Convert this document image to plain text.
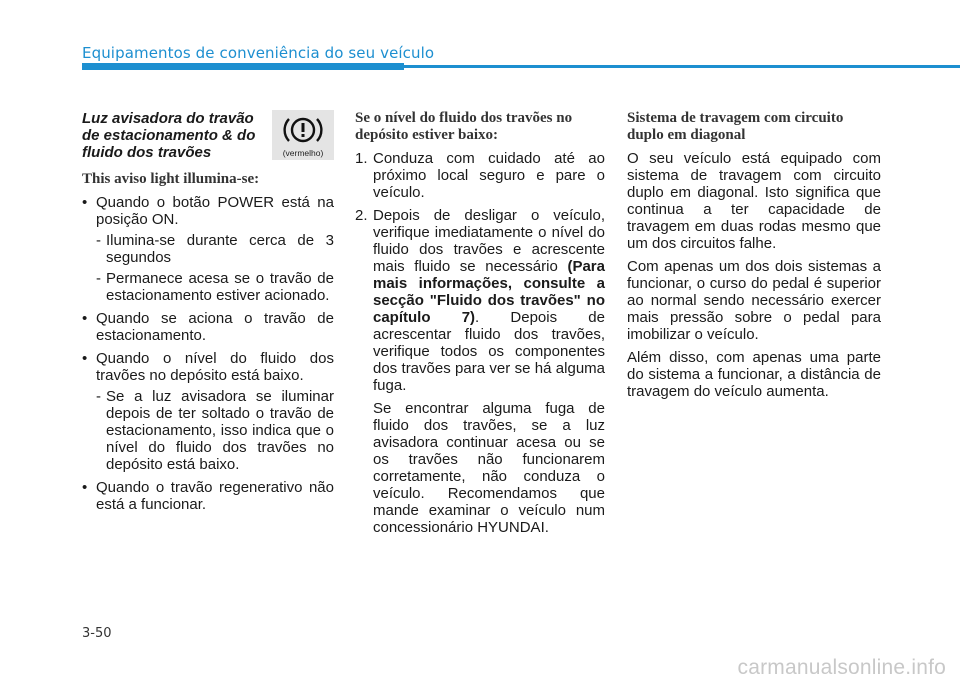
Equipamentos de conveniência do seu veículo
Luz avisadora do travão de estacionamento & do fluido dos travões	(vermelho)
This aviso light illumina-se:
• Quando o botão POWER está na posição ON.
- Ilumina-se durante cerca de 3 segundos
- Permanece acesa se o travão de estacionamento estiver acionado.
• Quando se aciona o travão de estacionamento.
• Quando o nível do fluido dos travões no depósito está baixo.
- Se a luz avisadora se iluminar depois de ter soltado o travão de estacionamento, isso indica que o nível do fluido dos travões no depósito está baixo.
• Quando o travão regenerativo não está a funcionar.
Se o nível do fluido dos travões no depósito estiver baixo:
1. Conduza com cuidado até ao próximo local seguro e pare o veículo.

2. Depois de desligar o veículo, verifique imediatamente o nível do fluido dos travões e acrescente mais fluido se necessário (Para mais informações, consulte a secção "Fluido dos travões" no capítulo 7). Depois de acrescentar fluido dos travões, verifique todos os componentes dos travões para ver se há alguma fuga.

Se encontrar alguma fuga de fluido dos travões, se a luz avisadora continuar acesa ou se os travões não funcionarem corretamente, não conduza o veículo. Recomendamos que mande examinar o veículo num concessionário HYUNDAI.

Sistema de travagem com circuito duplo em diagonal

O seu veículo está equipado com sistema de travagem com circuito duplo em diagonal. Isto significa que continua a ter capacidade de travagem em duas rodas mesmo que um dos circuitos falhe.

Com apenas um dos dois sistemas a funcionar, o curso do pedal é superior ao normal sendo necessário exercer mais pressão sobre o pedal para imobilizar o veículo.

Além disso, com apenas uma parte do sistema a funcionar, a distância de travagem do veículo aumenta.

3-50
carmanualsonline.info
